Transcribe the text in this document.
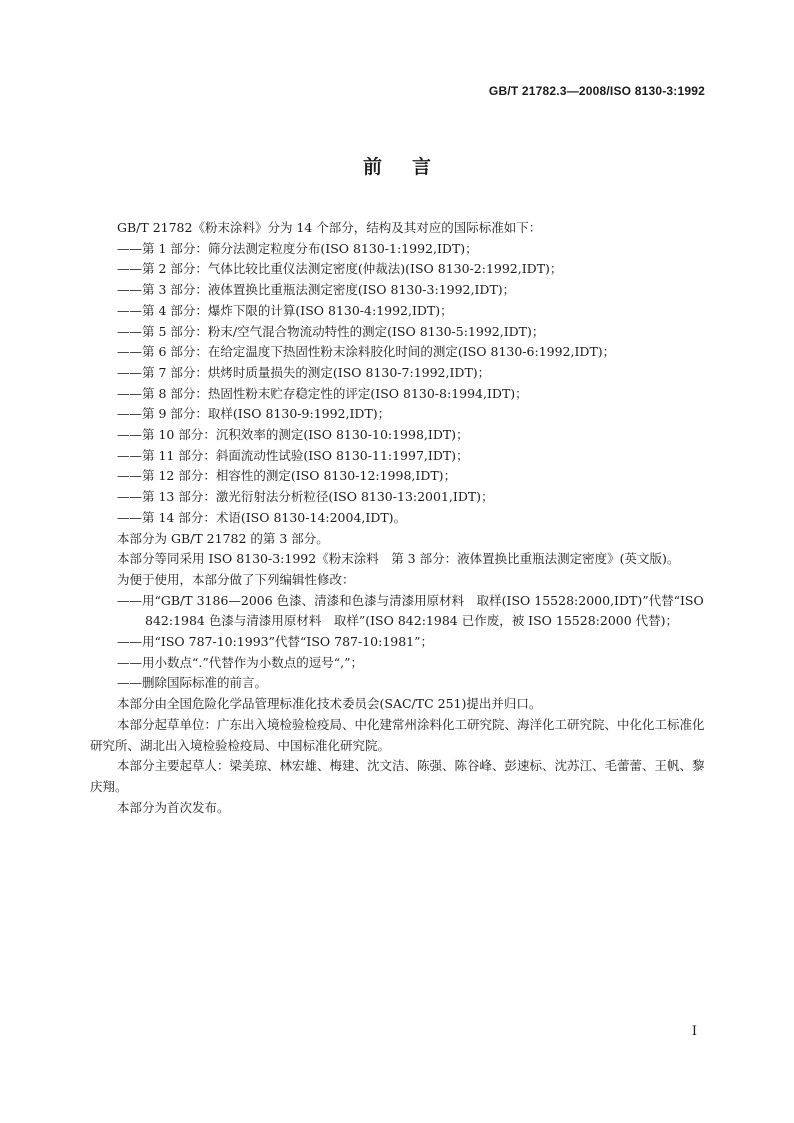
GB/T 21782.3—2008/ISO 8130-3:1992
前言

GB/T 21782《粉末涂料》分为 14 个部分，结构及其对应的国际标准如下：

——第 1 部分：筛分法测定粒度分布(ISO 8130-1:1992,IDT)；

——第 2 部分：气体比较比重仪法测定密度(仲裁法)(ISO 8130-2:1992,IDT)；

——第 3 部分：液体置换比重瓶法测定密度(ISO 8130-3:1992,IDT)；

——第 4 部分：爆炸下限的计算(ISO 8130-4:1992,IDT)；

——第 5 部分：粉末/空气混合物流动特性的测定(ISO 8130-5:1992,IDT)；

——第 6 部分：在给定温度下热固性粉末涂料胶化时间的测定(ISO 8130-6:1992,IDT)；

——第 7 部分：烘烤时质量损失的测定(ISO 8130-7:1992,IDT)；

——第 8 部分：热固性粉末贮存稳定性的评定(ISO 8130-8:1994,IDT)；

——第 9 部分：取样(ISO 8130-9:1992,IDT)；

——第 10 部分：沉积效率的测定(ISO 8130-10:1998,IDT)；

——第 11 部分：斜面流动性试验(ISO 8130-11:1997,IDT)；

——第 12 部分：相容性的测定(ISO 8130-12:1998,IDT)；

——第 13 部分：激光衍射法分析粒径(ISO 8130-13:2001,IDT)；

——第 14 部分：术语(ISO 8130-14:2004,IDT)。

本部分为 GB/T 21782 的第 3 部分。

本部分等同采用 ISO 8130-3:1992《粉末涂料　第 3 部分：液体置换比重瓶法测定密度》(英文版)。

为便于使用，本部分做了下列编辑性修改：

——用“GB/T 3186—2006 色漆、清漆和色漆与清漆用原材料　取样(ISO 15528:2000,IDT)”代替“ISO 842:1984 色漆与清漆用原材料　取样”(ISO 842:1984 已作废，被 ISO 15528:2000 代替)；

——用“ISO 787-10:1993”代替“ISO 787-10:1981”；

——用小数点“.”代替作为小数点的逗号“,”；

——删除国际标准的前言。

本部分由全国危险化学品管理标准化技术委员会(SAC/TC 251)提出并归口。

本部分起草单位：广东出入境检验检疫局、中化建常州涂料化工研究院、海洋化工研究院、中化化工标准化研究所、湖北出入境检验检疫局、中国标准化研究院。

本部分主要起草人：梁美琼、林宏雄、梅建、沈文洁、陈强、陈谷峰、彭速标、沈苏江、毛蕾蕾、王帆、黎庆翔。

本部分为首次发布。

I
